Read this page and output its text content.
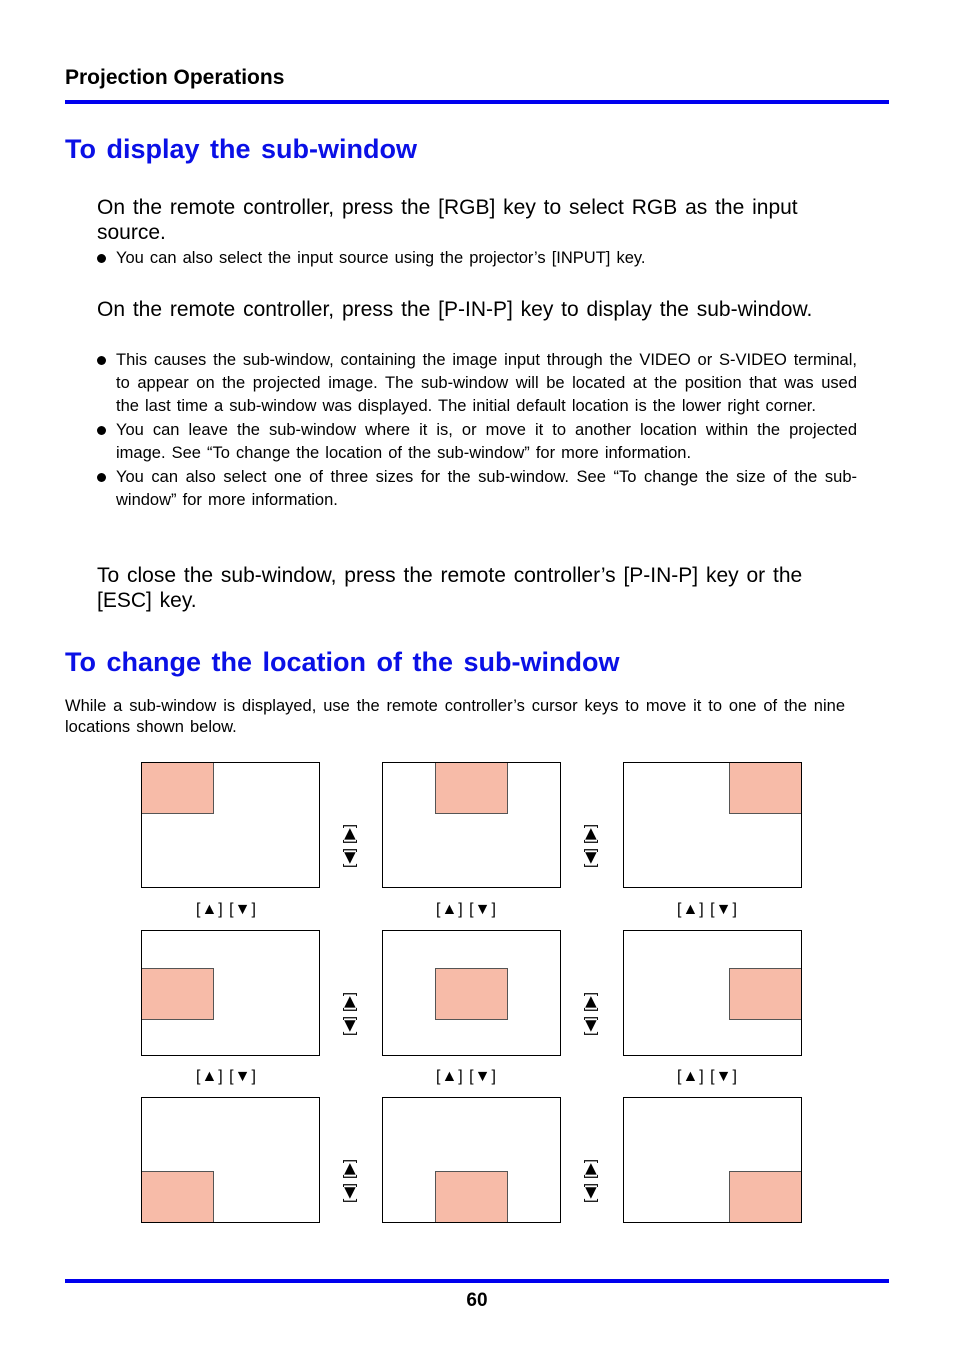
Projection Operations
To display the sub-window
On the remote controller, press the [RGB] key to select RGB as the input source.
You can also select the input source using the projector’s [INPUT] key.
On the remote controller, press the [P-IN-P] key to display the sub-window.
This causes the sub-window, containing the image input through the VIDEO or S-VIDEO terminal, to appear on the projected image. The sub-window will be located at the position that was used the last time a sub-window was displayed. The initial default location is the lower right corner.
You can leave the sub-window where it is, or move it to another location within the projected image. See “To change the location of the sub-window” for more information.
You can also select one of three sizes for the sub-window. See “To change the size of the sub-window” for more information.
To close the sub-window, press the remote controller’s [P-IN-P] key or the [ESC] key.
To change the location of the sub-window
While a sub-window is displayed, use the remote controller’s cursor keys to move it to one of the nine locations shown below.
[▲] [▼]	[▲] [▼]	[▲] [▼]
[▲] [▼]	[▲] [▼]	[▲] [▼]
[◀] [▶]	[◀] [▶]
[◀] [▶]	[◀] [▶]
[◀] [▶]	[◀] [▶]
60
